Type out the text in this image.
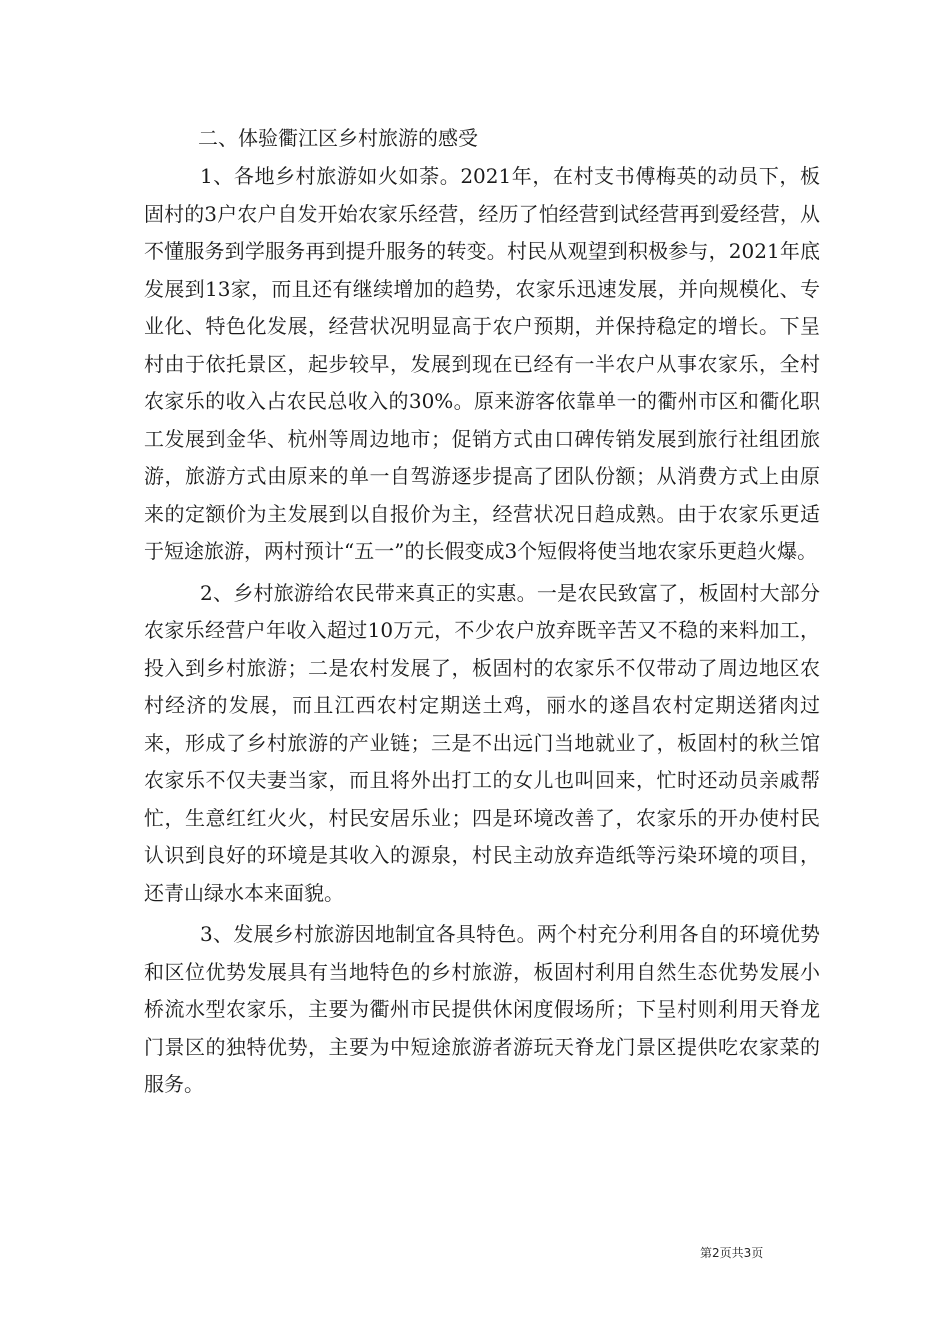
二、体验衢江区乡村旅游的感受

1、各地乡村旅游如火如荼。2021年，在村支书傅梅英的动员下，板固村的3户农户自发开始农家乐经营，经历了怕经营到试经营再到爱经营，从不懂服务到学服务再到提升服务的转变。村民从观望到积极参与，2021年底发展到13家，而且还有继续增加的趋势，农家乐迅速发展，并向规模化、专业化、特色化发展，经营状况明显高于农户预期，并保持稳定的增长。下呈村由于依托景区，起步较早，发展到现在已经有一半农户从事农家乐，全村农家乐的收入占农民总收入的30%。原来游客依靠单一的衢州市区和衢化职工发展到金华、杭州等周边地市；促销方式由口碑传销发展到旅行社组团旅游，旅游方式由原来的单一自驾游逐步提高了团队份额；从消费方式上由原来的定额价为主发展到以自报价为主，经营状况日趋成熟。由于农家乐更适于短途旅游，两村预计“五一”的长假变成3个短假将使当地农家乐更趋火爆。

2、乡村旅游给农民带来真正的实惠。一是农民致富了，板固村大部分农家乐经营户年收入超过10万元，不少农户放弃既辛苦又不稳的来料加工，投入到乡村旅游；二是农村发展了，板固村的农家乐不仅带动了周边地区农村经济的发展，而且江西农村定期送土鸡，丽水的遂昌农村定期送猪肉过来，形成了乡村旅游的产业链；三是不出远门当地就业了，板固村的秋兰馆农家乐不仅夫妻当家，而且将外出打工的女儿也叫回来，忙时还动员亲戚帮忙，生意红红火火，村民安居乐业；四是环境改善了，农家乐的开办使村民认识到良好的环境是其收入的源泉，村民主动放弃造纸等污染环境的项目，还青山绿水本来面貌。

3、发展乡村旅游因地制宜各具特色。两个村充分利用各自的环境优势和区位优势发展具有当地特色的乡村旅游，板固村利用自然生态优势发展小桥流水型农家乐，主要为衢州市民提供休闲度假场所；下呈村则利用天脊龙门景区的独特优势，主要为中短途旅游者游玩天脊龙门景区提供吃农家菜的服务。

第2页共3页
